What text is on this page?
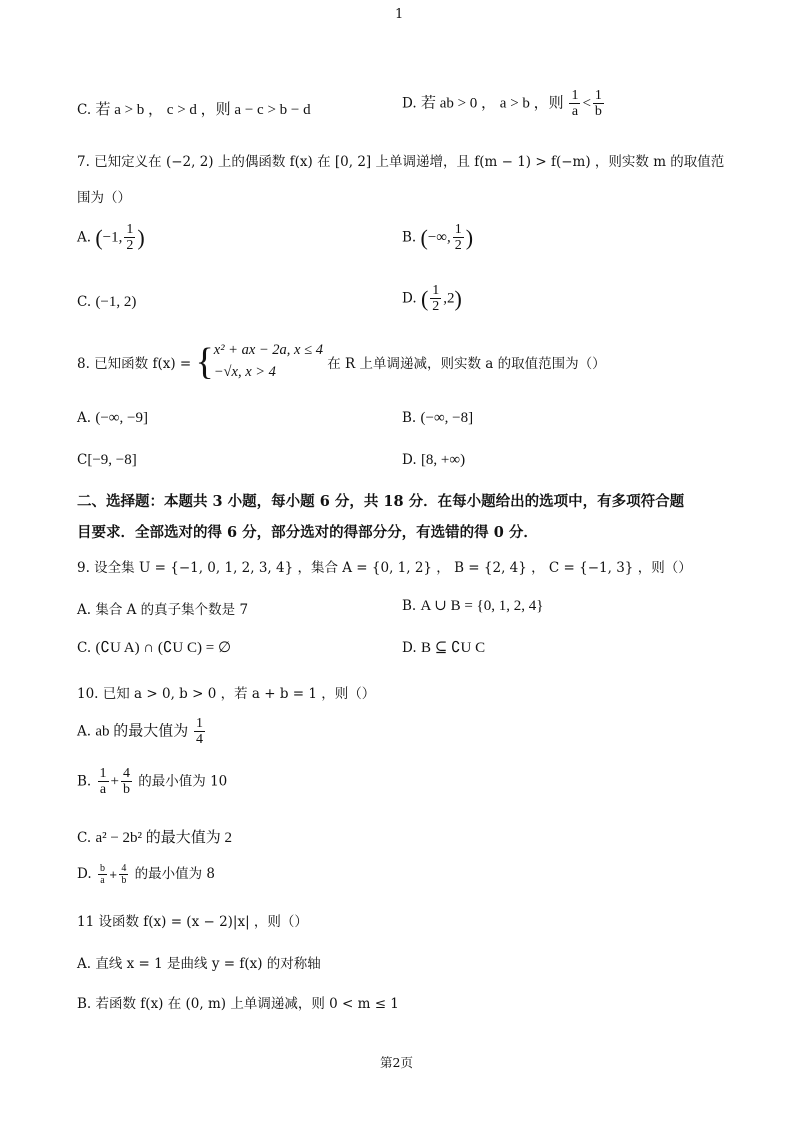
1
C. 若 a > b ， c > d ，则 a − c > b − d	D. 若 ab > 0 ， a > b ，则 $\frac{1}{a} < \frac{1}{b}$
7. 已知定义在 (−2, 2) 上的偶函数 f(x) 在 [0, 2] 上单调递增，且 f(m − 1) > f(−m) ，则实数 m 的取值范
围为（）
A. (−1, $\frac{1}{2}$ )	B. (−∞, $\frac{1}{2}$ )
C. (−1, 2)	D. ( $\frac{1}{2} ,2$)
8. 已知函数 f(x) = { x² + ax − 2a, x ≤ 4
−√x, x > 4	在 R 上单调递减，则实数 a 的取值范围为（）
A. (−∞, −9]	B. (−∞, −8]
C[−9, −8]	D. [8, +∞)
二、选择题：本题共 3 小题，每小题 6 分，共 18 分．在每小题给出的选项中，有多项符合题
目要求．全部选对的得 6 分，部分选对的得部分分，有选错的得 0 分．
9. 设全集 U = {−1, 0, 1, 2, 3, 4} ，集合 A = {0, 1, 2} ， B = {2, 4} ， C = {−1, 3} ，则（）
A. 集合 A 的真子集个数是 7	B. A ∪ B = {0, 1, 2, 4}
C. (∁U A) ∩ (∁U C) = ∅	D. B ⊆ ∁U C
10. 已知 a > 0, b > 0 ，若 a + b = 1 ，则（）
A. ab 的最大值为 $\frac{1}{4}$
B. $\frac{1}{a} + \frac{4}{b}$ 的最小值为 10
C. a² − 2b² 的最大值为 2
D. $\frac{b}{a} + \frac{4}{b}$ 的最小值为 8
11 设函数 f(x) = (x − 2)|x| ，则（）
A. 直线 x = 1 是曲线 y = f(x) 的对称轴
B. 若函数 f(x) 在 (0, m) 上单调递减，则 0 < m ≤ 1
第2页
